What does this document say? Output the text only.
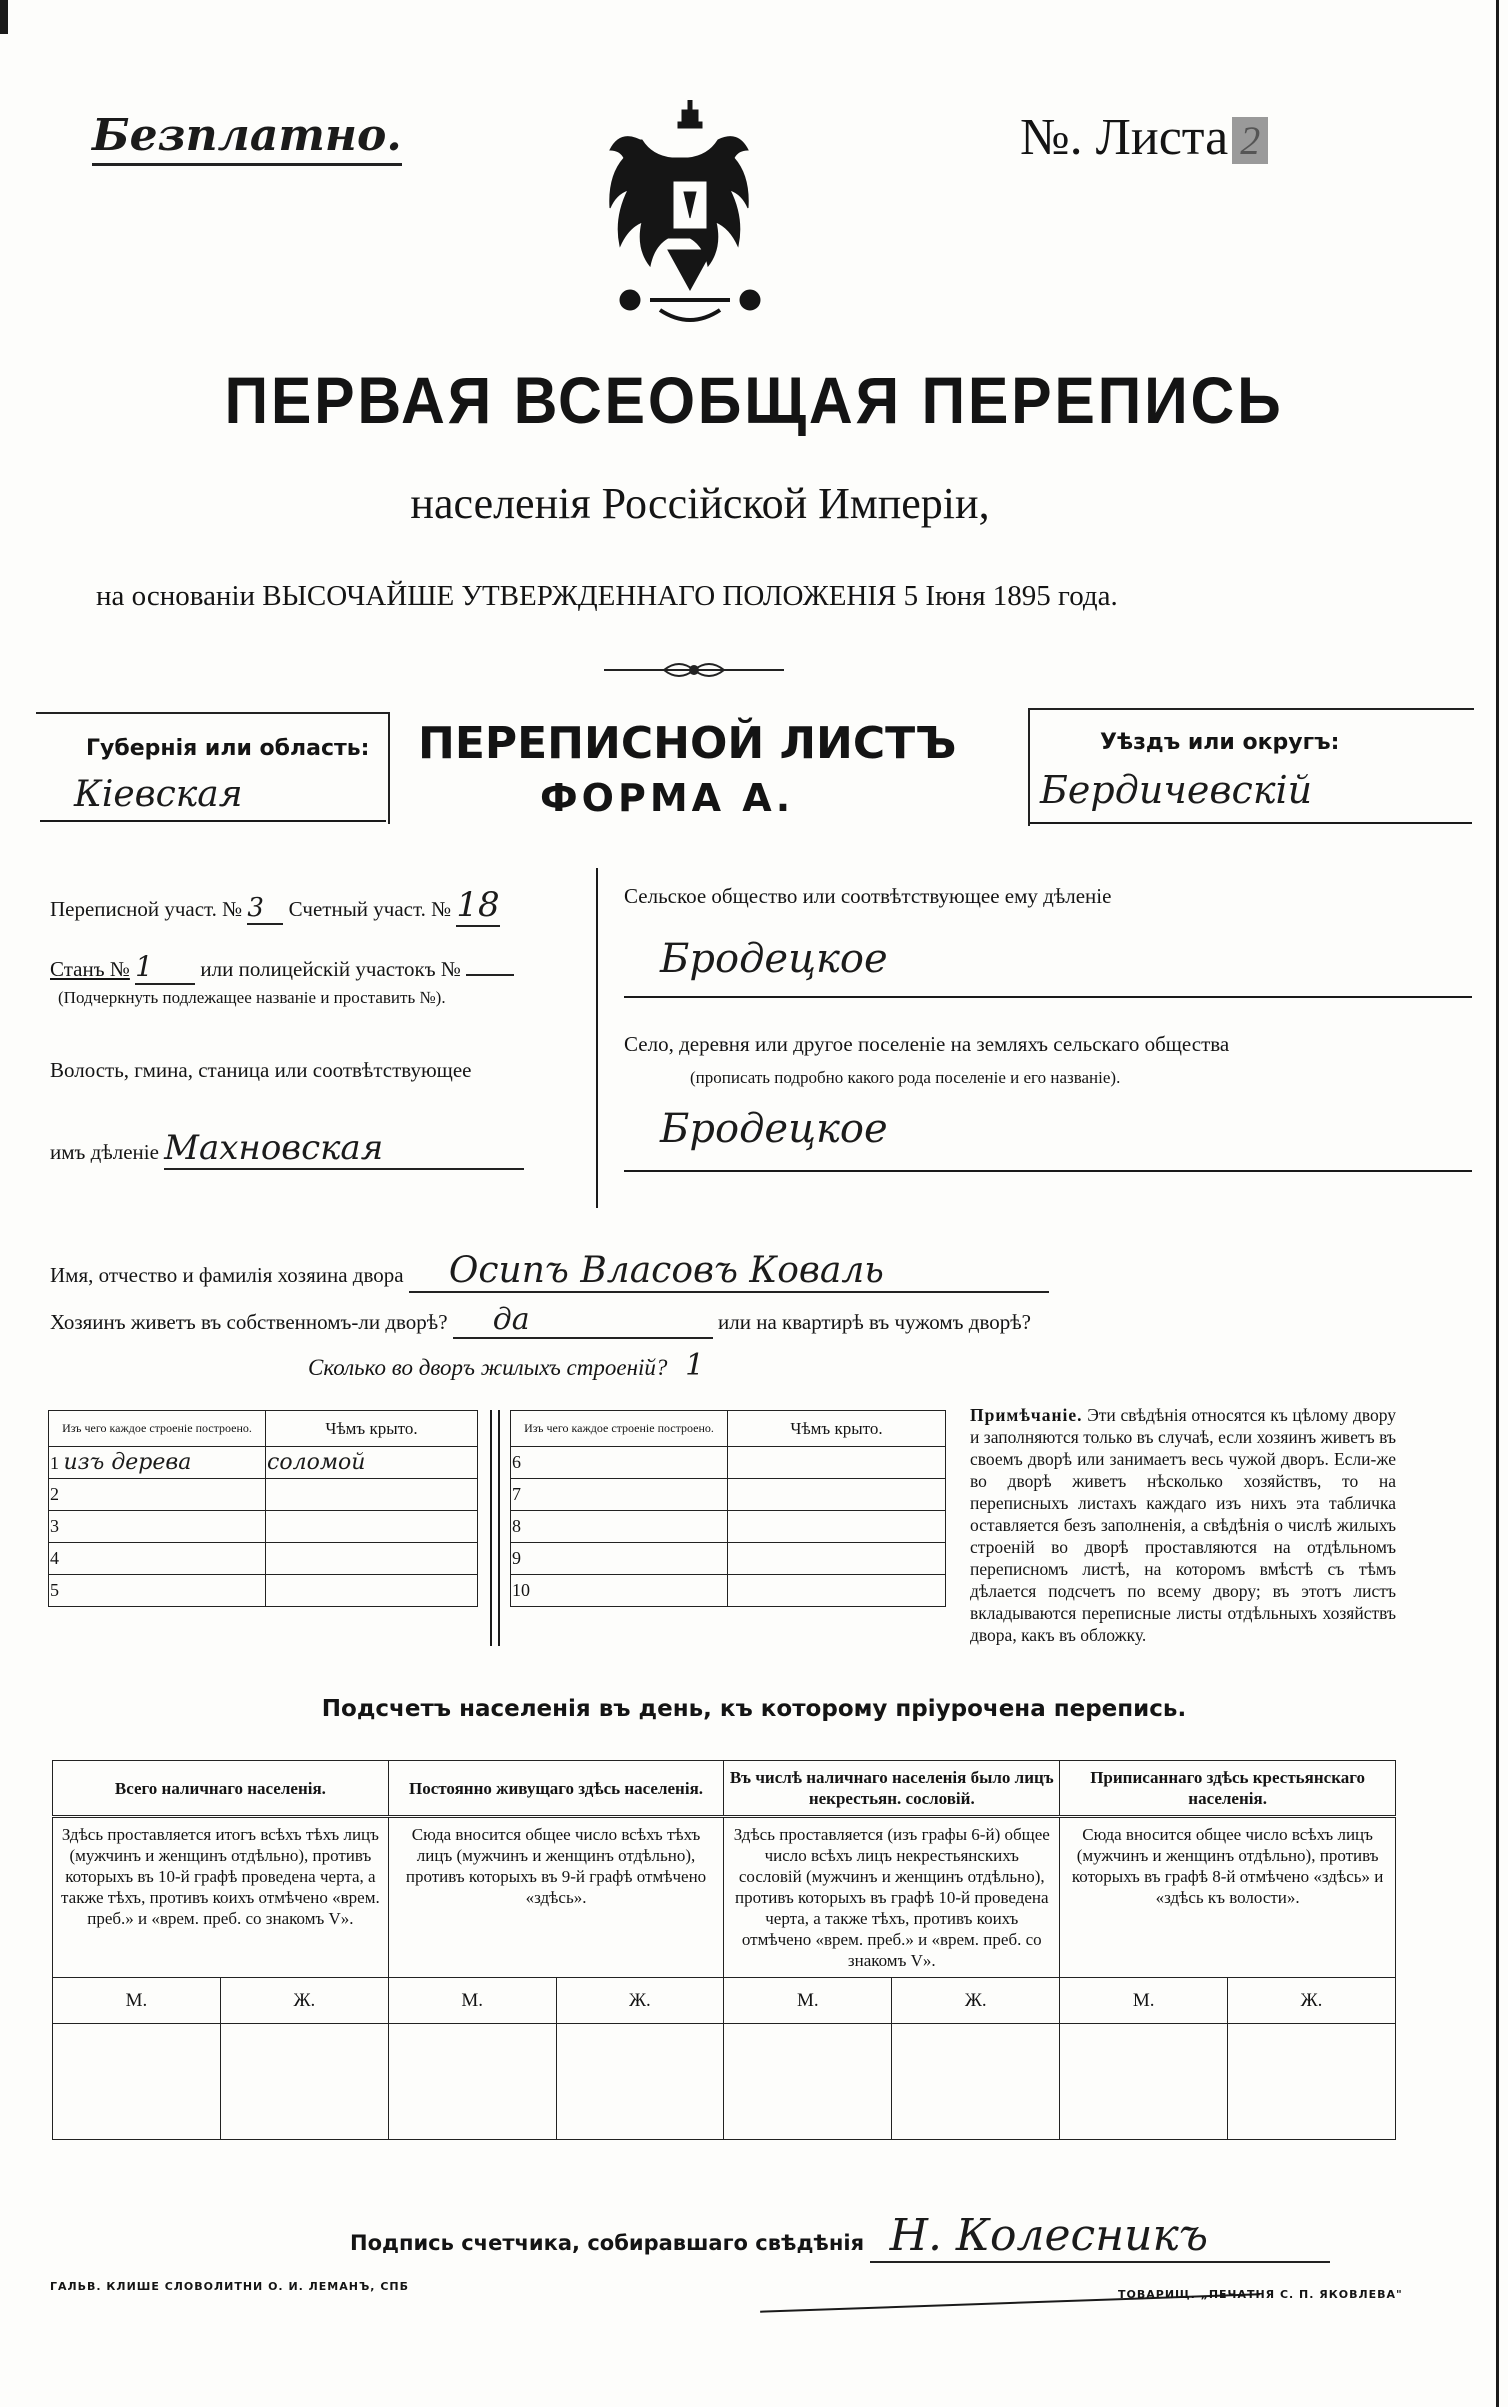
Безплатно.	№. Листа 2
ПЕРВАЯ ВСЕОБЩАЯ ПЕРЕПИСЬ
населенія Россійской Имперіи,
на основаніи ВЫСОЧАЙШЕ УТВЕРЖДЕННАГО ПОЛОЖЕНІЯ 5 Іюня 1895 года.
Губернія или область:
Кіевская
ПЕРЕПИСНОЙ ЛИСТЪ
ФОРМА А.
Уѣздъ или округъ:
Бердичевскій
Переписной участ. № 3 Счетный участ. № 18
Станъ № 1 или полицейскій участокъ №
(Подчеркнуть подлежащее названіе и проставить №).
Волость, гмина, станица или соотвѣтствующее
имъ дѣленіе Махновская
Сельское общество или соотвѣтствующее ему дѣленіе
Бродецкое
Село, деревня или другое поселеніе на земляхъ сельскаго общества
(прописать подробно какого рода поселеніе и его названіе).
Бродецкое
Имя, отчество и фамилія хозяина двора Осипъ Власовъ Коваль
Хозяинъ живетъ въ собственномъ-ли дворѣ? да	или на квартирѣ въ чужомъ дворѣ?
Сколько во дворъ жилыхъ строеній? 1
Изъ чего каждое строеніе построено.	Чѣмъ крыто.
1 изъ дерева	соломой
2	
3	
4	
5	
Изъ чего каждое строеніе построено.	Чѣмъ крыто.
6	
7	
8	
9	
10	
Примѣчаніе. Эти свѣдѣнія относятся къ цѣлому двору и заполняются только въ случаѣ, если хозяинъ живетъ въ своемъ дворѣ или занимаетъ весь чужой дворъ. Если-же во дворѣ живетъ нѣсколько хозяйствъ, то на переписныхъ листахъ каждаго изъ нихъ эта табличка оставляется безъ заполненія, а свѣдѣнія о числѣ жилыхъ строеній во дворѣ проставляются на отдѣльномъ переписномъ листѣ, на которомъ вмѣстѣ съ тѣмъ дѣлается подсчетъ по всему двору; въ этотъ листъ вкладываются переписные листы отдѣльныхъ хозяйствъ двора, какъ въ обложку.
Подсчетъ населенія въ день, къ которому пріурочена перепись.
Всего наличнаго населенія.		Постоянно живущаго здѣсь населенія.		Въ числѣ наличнаго населенія было лицъ некрестьян. сословій.		Приписаннаго здѣсь крестьянскаго населенія.	
Здѣсь проставляется итогъ всѣхъ тѣхъ лицъ (мужчинъ и женщинъ отдѣльно), противъ которыхъ въ 10-й графѣ проведена черта, а также тѣхъ, противъ коихъ отмѣчено «врем. преб.» и «врем. преб. со знакомъ V».		Сюда вносится общее число всѣхъ тѣхъ лицъ (мужчинъ и женщинъ отдѣльно), противъ которыхъ въ 9-й графѣ отмѣчено «здѣсь».		Здѣсь проставляется (изъ графы 6-й) общее число всѣхъ лицъ некрестьянскихъ сословій (мужчинъ и женщинъ отдѣльно), противъ которыхъ въ графѣ 10-й проведена черта, а также тѣхъ, противъ коихъ отмѣчено «врем. преб.» и «врем. преб. со знакомъ V».		Сюда вносится общее число всѣхъ лицъ (мужчинъ и женщинъ отдѣльно), противъ которыхъ въ графѣ 8-й отмѣчено «здѣсь» и «здѣсь къ волости».	
М.	Ж.	М.	Ж.	М.	Ж.	М.	Ж.

Подпись счетчика, собиравшаго свѣдѣнія Н. Колесникъ
ГАЛЬВ. КЛИШЕ СЛОВОЛИТНИ О. И. ЛЕМАНЪ, СПБ
ТОВАРИЩ. „ПЕЧАТНЯ С. П. ЯКОВЛЕВА"
